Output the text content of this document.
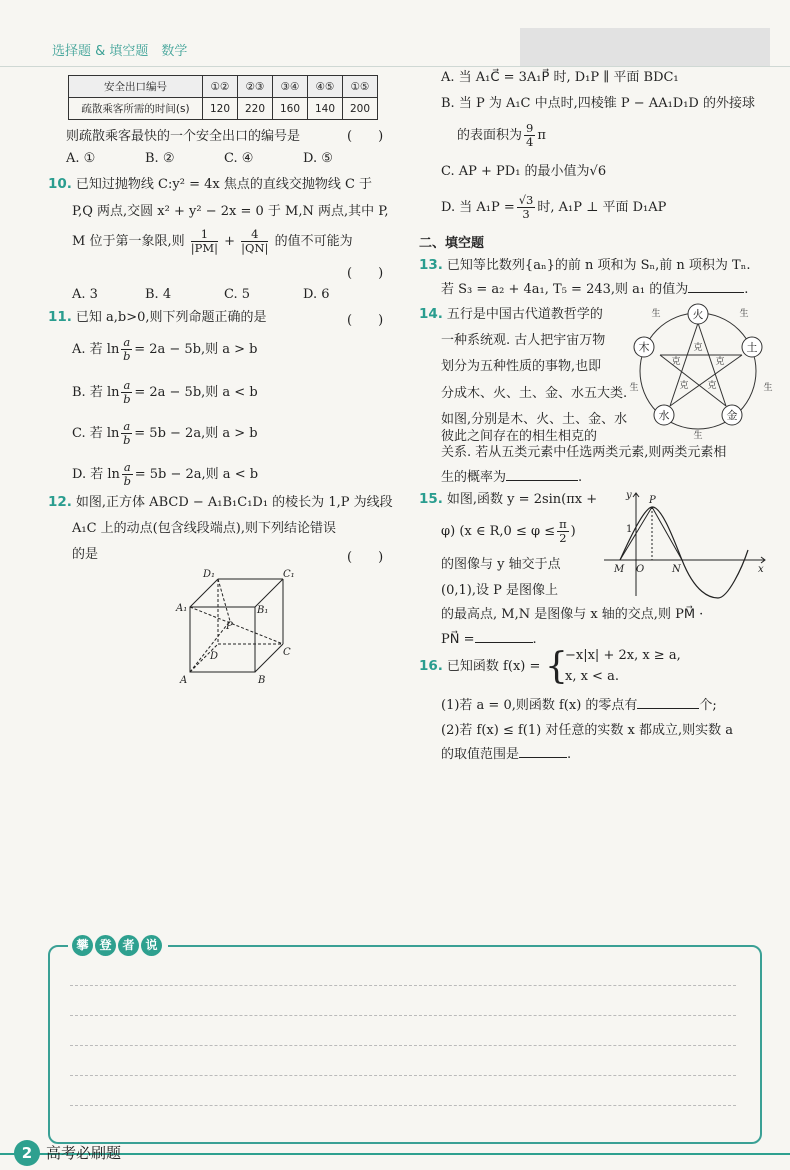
选择题 & 填空题　数学
安全出口编号	①②	②③	③④	④⑤	①⑤
疏散乘客所需的时间(s)	120	220	160	140	200
则疏散乘客最快的一个安全出口的编号是	(　　)
A. ①	B. ②	C. ④	D. ⑤
10. 已知过抛物线 C:y² = 4x 焦点的直线交抛物线 C 于
P,Q 两点,交圆 x² + y² − 2x = 0 于 M,N 两点,其中 P,
M 位于第一象限,则 $\frac{1}{|PM|} + \frac{4}{|QN|}$ 的值不可能为
(　　)
A. 3	B. 4	C. 5	D. 6
11. 已知 a,b>0,则下列命题正确的是	(　　)
A. 若 $\ln \frac{a}{b} = 2a - 5b$,则 a > b
B. 若 $\ln \frac{a}{b} = 2a - 5b$,则 a < b
C. 若 $\ln \frac{a}{b} = 5b - 2a$,则 a > b
D. 若 $\ln \frac{a}{b} = 5b - 2a$,则 a < b
12. 如图,正方体 ABCD − A₁B₁C₁D₁ 的棱长为 1,P 为线段
A₁C 上的动点(包含线段端点),则下列结论错误
的是	(　　)
D₁	C₁
A₁	B₁
P
D	C
A	B
A. 当 A₁C⃗ = 3A₁P⃗ 时, D₁P ∥ 平面 BDC₁
B. 当 P 为 A₁C 中点时,四棱锥 P − AA₁D₁D 的外接球
的表面积为 $\frac{9}{4}$ π
C. AP + PD₁ 的最小值为√6
D. 当 $A_1P = \frac{√3}{3}$ 时, A₁P ⊥ 平面 D₁AP
二、填空题
13. 已知等比数列{aₙ}的前 n 项和为 Sₙ,前 n 项积为 Tₙ.
若 S₃ = a₂ + 4a₁, T₅ = 243,则 a₁ 的值为	.
14. 五行是中国古代道教哲学的
一种系统观. 古人把宇宙万物
划分为五种性质的事物,也即
分成木、火、土、金、水五大类.
如图,分别是木、火、土、金、水
彼此之间存在的相生相克的
关系. 若从五类元素中任选两类元素,则两类元素相
生的概率为	.
火
土
金
水
木
生	生
生
生
生
克
克
克
克 克
15. 如图,函数 y = 2sin(πx +
φ) (x ∈ $R,0 \le \varphi \le \frac{\pi}{2}$ )
的图像与 y 轴交于点
(0,1),设 P 是图像上
的最高点, M,N 是图像与 x 轴的交点,则 PM⃗ ·
PN⃗ =	.
y
x
P
1
M O	N
16. 已知函数 f(x) = {
−x|x| + 2x, x ≥ a,
x, x < a.
(1)若 a = 0,则函数 f(x) 的零点有	个;
(2)若 f(x) ≤ f(1) 对任意的实数 x 都成立,则实数 a
的取值范围是	.
攀 登 者 说
2 高考必刷题
